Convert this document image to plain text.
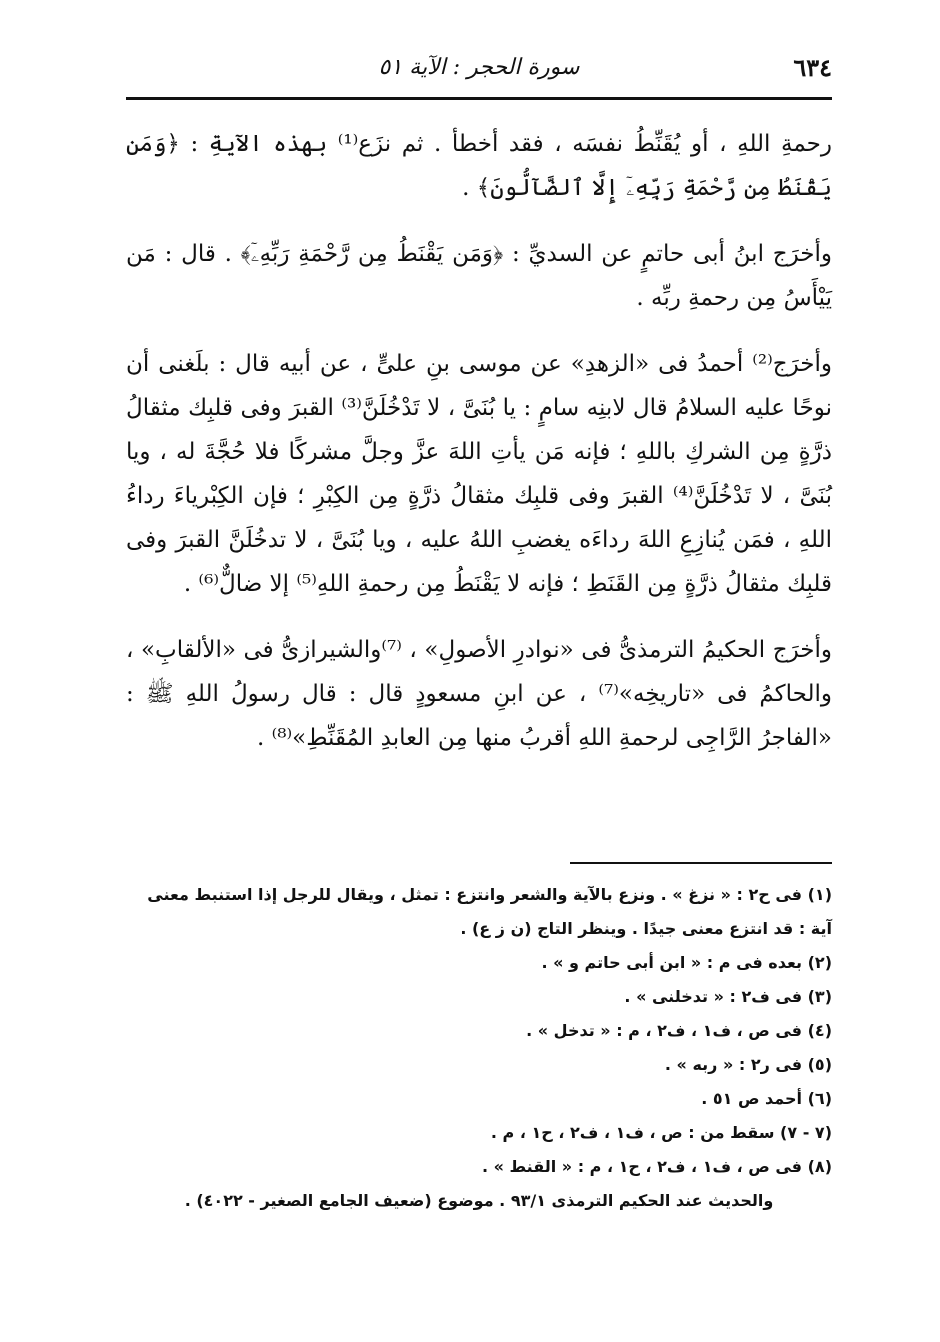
٦٣٤
سورة الحجر : الآية ٥١

رحمةِ اللهِ ، أو يُقَنِّطُ نفسَه ، فقد أخطأ . ثم نزَع⁽¹⁾ بهذه الآيةِ : ﴿وَمَن يَقْنَطُ مِن رَّحْمَةِ رَبِّهِۦٓ إِلَّا ٱلضَّآلُّونَ﴾ .

وأخرَج ابنُ أبى حاتمٍ عن السديِّ : ﴿وَمَن يَقْنَطُ مِن رَّحْمَةِ رَبِّهِۦٓ﴾ . قال : مَن يَيْأَسُ مِن رحمةِ ربِّه .

وأخرَج⁽²⁾ أحمدُ فى «الزهدِ» عن موسى بنِ علىٍّ ، عن أبيه قال : بلَغنى أن نوحًا عليه السلامُ قال لابنِه سامٍ : يا بُنَىَّ ، لا تَدْخُلَنَّ⁽³⁾ القبرَ وفى قلبِك مثقالُ ذرَّةٍ مِن الشركِ باللهِ ؛ فإنه مَن يأتِ اللهَ عزَّ وجلَّ مشركًا فلا حُجَّةَ له ، ويا بُنَىَّ ، لا تَدْخُلَنَّ⁽⁴⁾ القبرَ وفى قلبِك مثقالُ ذرَّةٍ مِن الكِبْرِ ؛ فإن الكِبْرياءَ رداءُ اللهِ ، فمَن يُنازِعِ اللهَ رداءَه يغضبِ اللهُ عليه ، ويا بُنَىَّ ، لا تدخُلَنَّ القبرَ وفى قلبِك مثقالُ ذرَّةٍ مِن القَنَطِ ؛ فإنه لا يَقْنَطُ مِن رحمةِ اللهِ⁽⁵⁾ إلا ضالٌّ⁽⁶⁾ .

وأخرَج الحكيمُ الترمذىُّ فى «نوادرِ الأصولِ» ، ⁽⁷⁾والشيرازىُّ فى «الألقابِ» ، والحاكمُ فى «تاريخِه»⁽⁷⁾ ، عن ابنِ مسعودٍ قال : قال رسولُ اللهِ ﷺ : «الفاجرُ الرَّاجِى لرحمةِ اللهِ أقربُ منها مِن العابدِ المُقَنِّطِ»⁽⁸⁾ .

(١) فى ح٢ : « نزغ » . ونزع بالآية والشعر وانتزع : تمثل ، ويقال للرجل إذا استنبط معنى آية : قد انتزع معنى جيدًا . وينظر التاج (ن ز ع) .

(٢) بعده فى م : « ابن أبى حاتم و » .

(٣) فى ف٢ : « تدخلنى » .

(٤) فى ص ، ف١ ، ف٢ ، م : « تدخل » .

(٥) فى ر٢ : « ربه » .

(٦) أحمد ص ٥١ .

(٧ - ٧) سقط من : ص ، ف١ ، ف٢ ، ح١ ، م .

(٨) فى ص ، ف١ ، ف٢ ، ح١ ، م : « القنط » .

والحديث عند الحكيم الترمذى ٩٣/١ . موضوع (ضعيف الجامع الصغير - ٤٠٢٢) .
